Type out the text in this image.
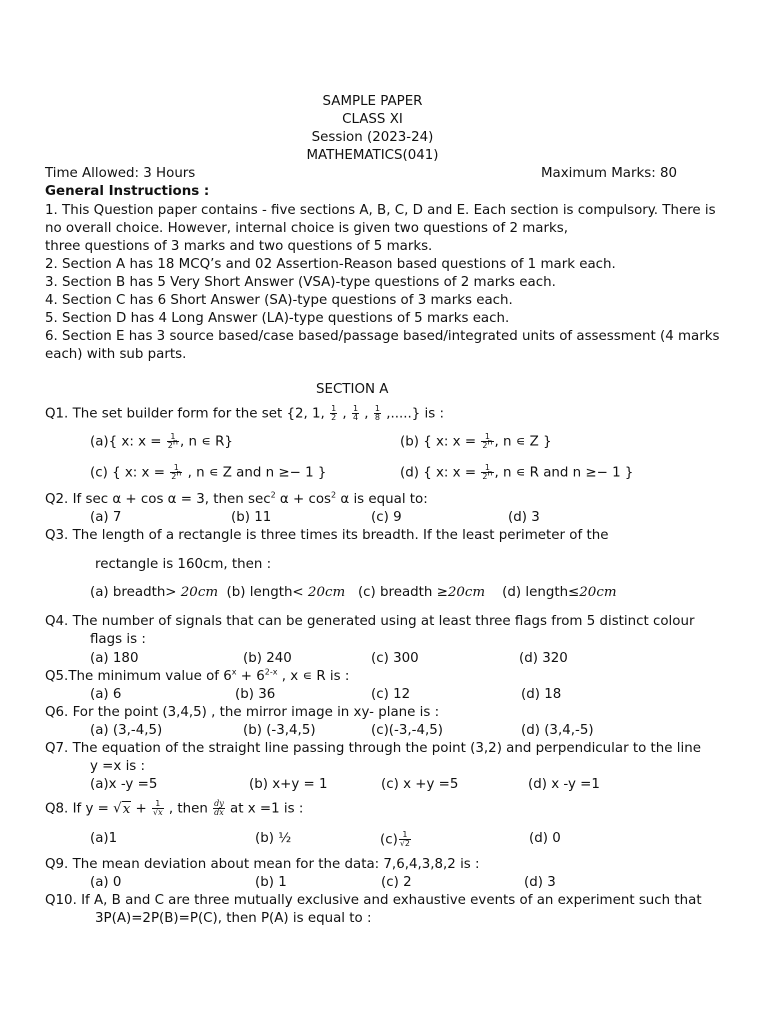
SAMPLE PAPER
CLASS XI
Session (2023-24)
MATHEMATICS(041)
Time Allowed: 3 Hours	Maximum Marks: 80
General Instructions :
1. This Question paper contains - five sections A, B, C, D and E. Each section is compulsory. There is
no overall choice. However, internal choice is given two questions of 2 marks,
three questions of 3 marks and two questions of 5 marks.
2. Section A has 18 MCQ’s and 02 Assertion-Reason based questions of 1 mark each.
3. Section B has 5 Very Short Answer (VSA)-type questions of 2 marks each.
4. Section C has 6 Short Answer (SA)-type questions of 3 marks each.
5. Section D has 4 Long Answer (LA)-type questions of 5 marks each.
6. Section E has 3 source based/case based/passage based/integrated units of assessment (4 marks
each) with sub parts.
SECTION A
Q1. The set builder form for the set {2, 1, $\frac{1}{2}$ , $\frac{1}{4}$ , $\frac{1}{8}$ ,.....} is :
(a){ x: $x = \frac{1}{2^n}$ , n ∊ R}	(b) { x: $x = \frac{1}{2^n}$ , n ∊ Z }
(c) { x: $x = \frac{1}{2^n}$ , n ∊ Z and n ≥− 1 }	(d) { x: $x = \frac{1}{2^n}$ , n ∊ R and n ≥− 1 }
Q2. If sec α + cos α = 3, then $\sec^2 \alpha + \cos^2 \alpha$ is equal to:
(a) 7	(b) 11	(c) 9	(d) 3
Q3. The length of a rectangle is three times its breadth. If the least perimeter of the
rectangle is 160cm, then :
(a) breadth> 20cm (b) length< 20cm (c) breadth ≥20cm (d) length≤20cm
Q4. The number of signals that can be generated using at least three flags from 5 distinct colour
flags is :
(a) 180	(b) 240	(c) 300	(d) 320
Q5.The minimum value of $6^x + 6^{2-x}$ , x ∊ R is :
(a) 6	(b) 36	(c) 12	(d) 18
Q6. For the point (3,4,5) , the mirror image in xy- plane is :
(a) (3,-4,5)	(b) (-3,4,5)	(c)(-3,-4,5)	(d) (3,4,-5)
Q7. The equation of the straight line passing through the point (3,2) and perpendicular to the line
y =x is :
(a)x -y =5	(b) x+y = 1	(c) x +y =5	(d) x -y =1
Q8. If $y = √x + \frac{1}{√x}$ , then $\frac{dy}{dx}$ at x =1 is :
(a)1	(b) ½	$(c) \frac{1}{√2}$	(d) 0
Q9. The mean deviation about mean for the data: 7,6,4,3,8,2 is :
(a) 0	(b) 1	(c) 2	(d) 3
Q10. If A, B and C are three mutually exclusive and exhaustive events of an experiment such that
3P(A)=2P(B)=P(C), then P(A) is equal to :
